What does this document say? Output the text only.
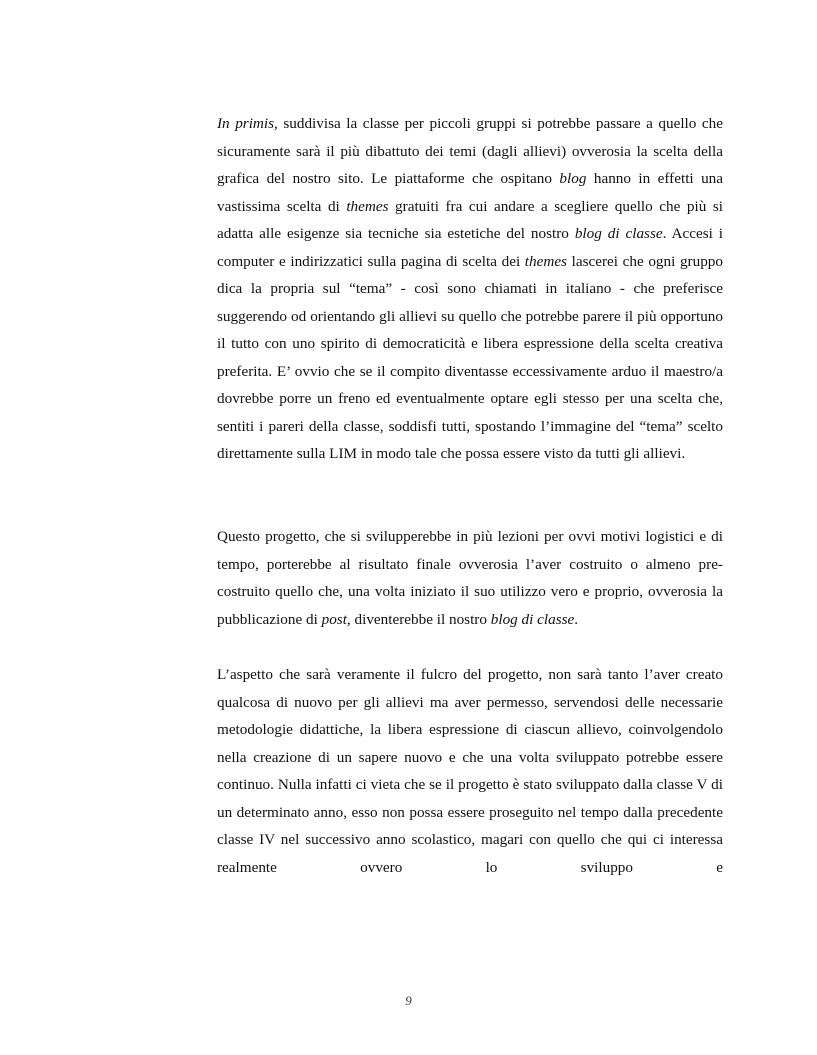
In primis, suddivisa la classe per piccoli gruppi si potrebbe passare a quello che sicuramente sarà il più dibattuto dei temi (dagli allievi) ovverosia la scelta della grafica del nostro sito. Le piattaforme che ospitano blog hanno in effetti una vastissima scelta di themes gratuiti fra cui andare a scegliere quello che più si adatta alle esigenze sia tecniche sia estetiche del nostro blog di classe. Accesi i computer e indirizzatici sulla pagina di scelta dei themes lascerei che ogni gruppo dica la propria sul “tema” - così sono chiamati in italiano - che preferisce suggerendo od orientando gli allievi su quello che potrebbe parere il più opportuno il tutto con uno spirito di democraticità e libera espressione della scelta creativa preferita. E’ ovvio che se il compito diventasse eccessivamente arduo il maestro/a dovrebbe porre un freno ed eventualmente optare egli stesso per una scelta che, sentiti i pareri della classe, soddisfi tutti, spostando l’immagine del “tema” scelto direttamente sulla LIM in modo tale che possa essere visto da tutti gli allievi.

Questo progetto, che si svilupperebbe in più lezioni per ovvi motivi logistici e di tempo, porterebbe al risultato finale ovverosia l’aver costruito o almeno pre-costruito quello che, una volta iniziato il suo utilizzo vero e proprio, ovverosia la pubblicazione di post, diventerebbe il nostro blog di classe.

L’aspetto che sarà veramente il fulcro del progetto, non sarà tanto l’aver creato qualcosa di nuovo per gli allievi ma aver permesso, servendosi delle necessarie metodologie didattiche, la libera espressione di ciascun allievo, coinvolgendolo nella creazione di un sapere nuovo e che una volta sviluppato potrebbe essere continuo. Nulla infatti ci vieta che se il progetto è stato sviluppato dalla classe V di un determinato anno, esso non possa essere proseguito nel tempo dalla precedente classe IV nel successivo anno scolastico, magari con quello che qui ci interessa realmente ovvero lo sviluppo e

9
